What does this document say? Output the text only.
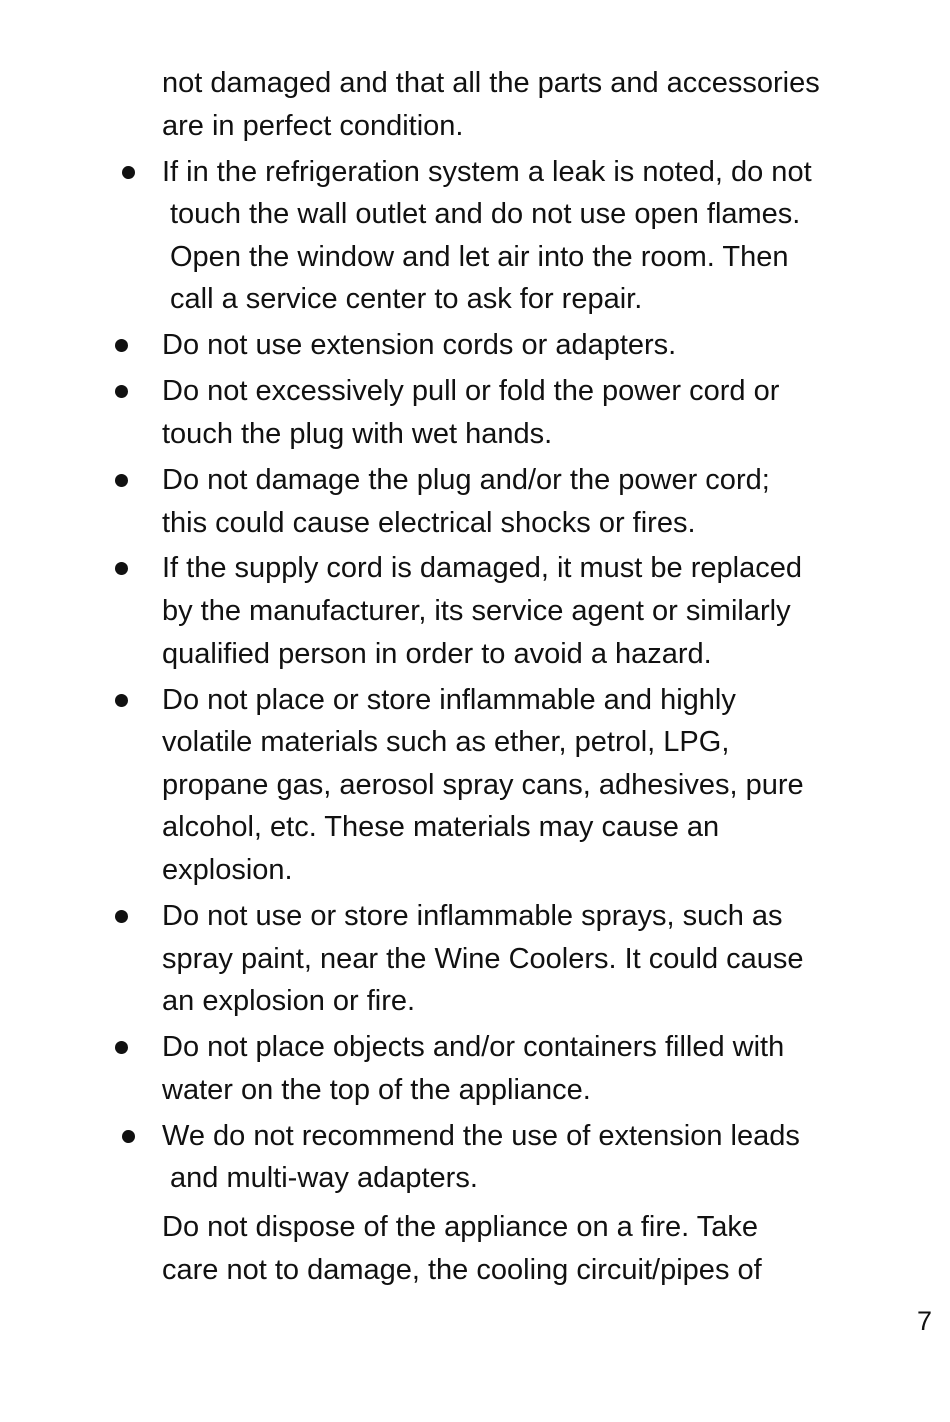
not damaged and that all the parts and accessories
are in perfect condition.
If in the refrigeration system a leak is noted, do not
touch the wall outlet and do not use open flames.
Open the window and let air into the room. Then
call a service center to ask for repair.
Do not use extension cords or adapters.
Do not excessively pull or fold the power cord or
touch the plug with wet hands.
Do not damage the plug and/or the power cord;
this could cause electrical shocks or fires.
If the supply cord is damaged, it must be replaced
by the manufacturer, its service agent or similarly
qualified person in order to avoid a hazard.
Do not place or store inflammable and highly
volatile materials such as ether, petrol, LPG,
propane gas, aerosol spray cans, adhesives, pure
alcohol, etc. These materials may cause an
explosion.
Do not use or store inflammable sprays, such as
spray paint, near the Wine Coolers. It could cause
an explosion or fire.
Do not place objects and/or containers filled with
water on the top of the appliance.
We do not recommend the use of extension leads
and multi-way adapters.
Do not dispose of the appliance on a fire. Take
care not to damage, the cooling circuit/pipes of
7
